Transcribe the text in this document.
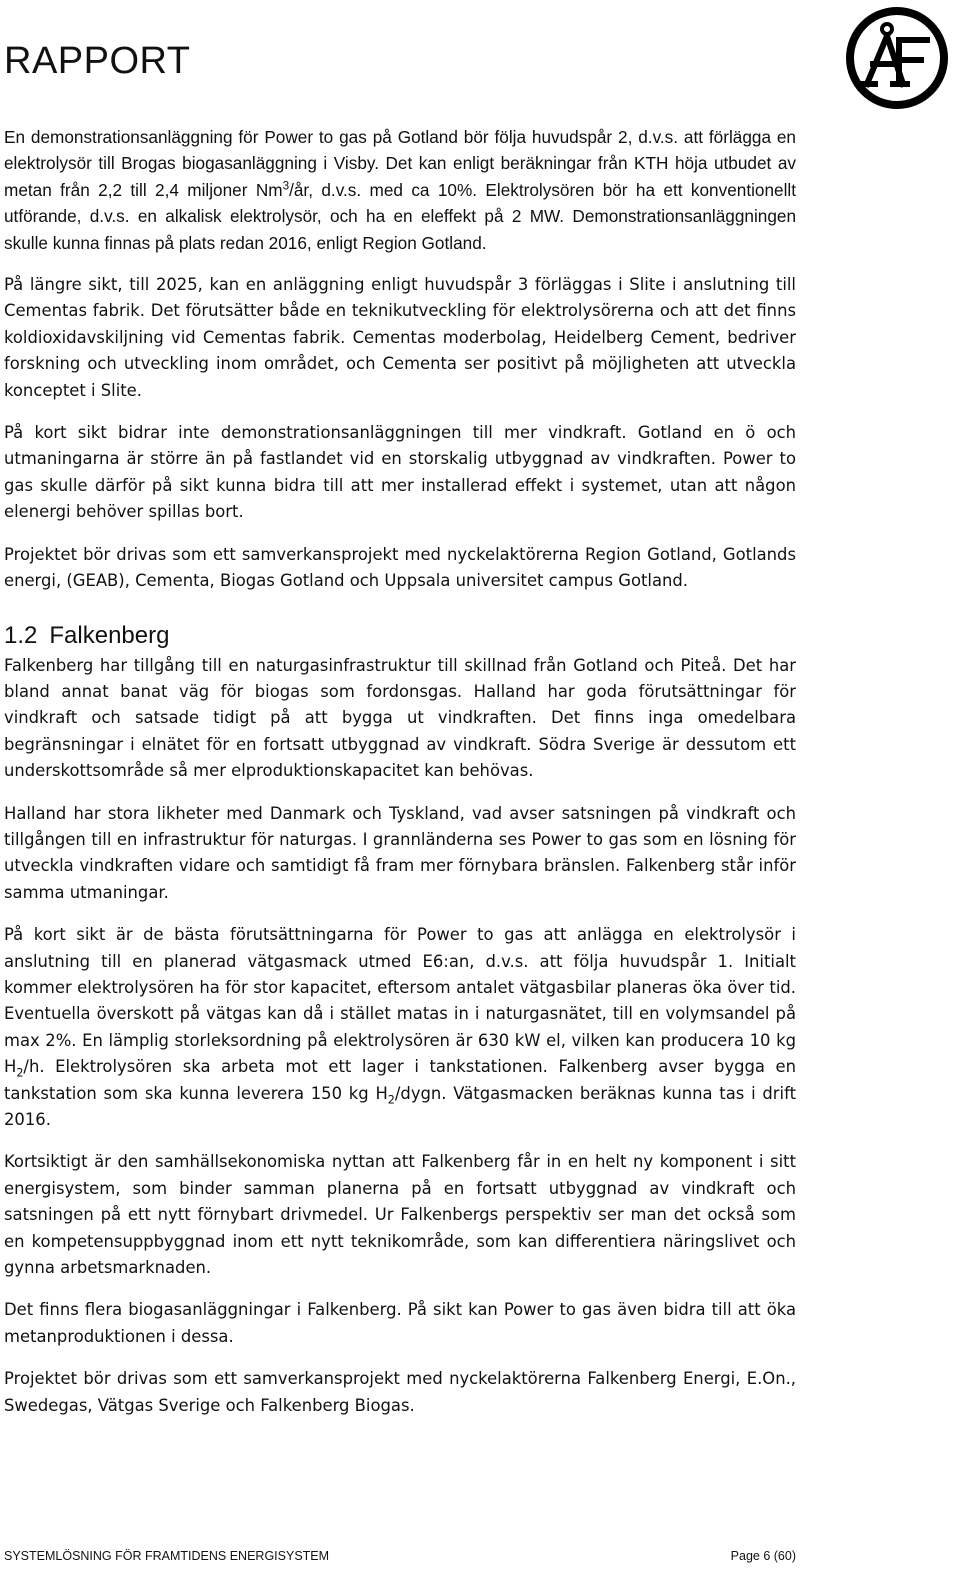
RAPPORT

En demonstrationsanläggning för Power to gas på Gotland bör följa huvudspår 2, d.v.s. att förlägga en elektrolysör till Brogas biogasanläggning i Visby. Det kan enligt beräkningar från KTH höja utbudet av metan från 2,2 till 2,4 miljoner Nm$^3$/år, d.v.s. med ca 10%. Elektrolysören bör ha ett konventionellt utförande, d.v.s. en alkalisk elektrolysör, och ha en eleffekt på 2 MW. Demonstrationsanläggningen skulle kunna finnas på plats redan 2016, enligt Region Gotland.

På längre sikt, till 2025, kan en anläggning enligt huvudspår 3 förläggas i Slite i anslutning till Cementas fabrik. Det förutsätter både en teknikutveckling för elektrolysörerna och att det finns koldioxidavskiljning vid Cementas fabrik. Cementas moderbolag, Heidelberg Cement, bedriver forskning och utveckling inom området, och Cementa ser positivt på möjligheten att utveckla konceptet i Slite.

På kort sikt bidrar inte demonstrationsanläggningen till mer vindkraft. Gotland en ö och utmaningarna är större än på fastlandet vid en storskalig utbyggnad av vindkraften. Power to gas skulle därför på sikt kunna bidra till att mer installerad effekt i systemet, utan att någon elenergi behöver spillas bort.

Projektet bör drivas som ett samverkansprojekt med nyckelaktörerna Region Gotland, Gotlands energi, (GEAB), Cementa, Biogas Gotland och Uppsala universitet campus Gotland.

1.2 Falkenberg

Falkenberg har tillgång till en naturgasinfrastruktur till skillnad från Gotland och Piteå. Det har bland annat banat väg för biogas som fordonsgas. Halland har goda förutsättningar för vindkraft och satsade tidigt på att bygga ut vindkraften. Det finns inga omedelbara begränsningar i elnätet för en fortsatt utbyggnad av vindkraft. Södra Sverige är dessutom ett underskottsområde så mer elproduktionskapacitet kan behövas.

Halland har stora likheter med Danmark och Tyskland, vad avser satsningen på vindkraft och tillgången till en infrastruktur för naturgas. I grannländerna ses Power to gas som en lösning för utveckla vindkraften vidare och samtidigt få fram mer förnybara bränslen. Falkenberg står inför samma utmaningar.

På kort sikt är de bästa förutsättningarna för Power to gas att anlägga en elektrolysör i anslutning till en planerad vätgasmack utmed E6:an, d.v.s. att följa huvudspår 1. Initialt kommer elektrolysören ha för stor kapacitet, eftersom antalet vätgasbilar planeras öka över tid. Eventuella överskott på vätgas kan då i stället matas in i naturgasnätet, till en volymsandel på max 2%. En lämplig storleksordning på elektrolysören är 630 kW el, vilken kan producera 10 kg $H_2/h$. Elektrolysören ska arbeta mot ett lager i tankstationen. Falkenberg avser bygga en tankstation som ska kunna leverera 150 kg $H_2$/dygn. Vätgasmacken beräknas kunna tas i drift 2016.

Kortsiktigt är den samhällsekonomiska nyttan att Falkenberg får in en helt ny komponent i sitt energisystem, som binder samman planerna på en fortsatt utbyggnad av vindkraft och satsningen på ett nytt förnybart drivmedel. Ur Falkenbergs perspektiv ser man det också som en kompetensuppbyggnad inom ett nytt teknikområde, som kan differentiera näringslivet och gynna arbetsmarknaden.

Det finns flera biogasanläggningar i Falkenberg. På sikt kan Power to gas även bidra till att öka metanproduktionen i dessa.

Projektet bör drivas som ett samverkansprojekt med nyckelaktörerna Falkenberg Energi, E.On., Swedegas, Vätgas Sverige och Falkenberg Biogas.

SYSTEMLÖSNING FÖR FRAMTIDENS ENERGISYSTEM	Page 6 (60)
